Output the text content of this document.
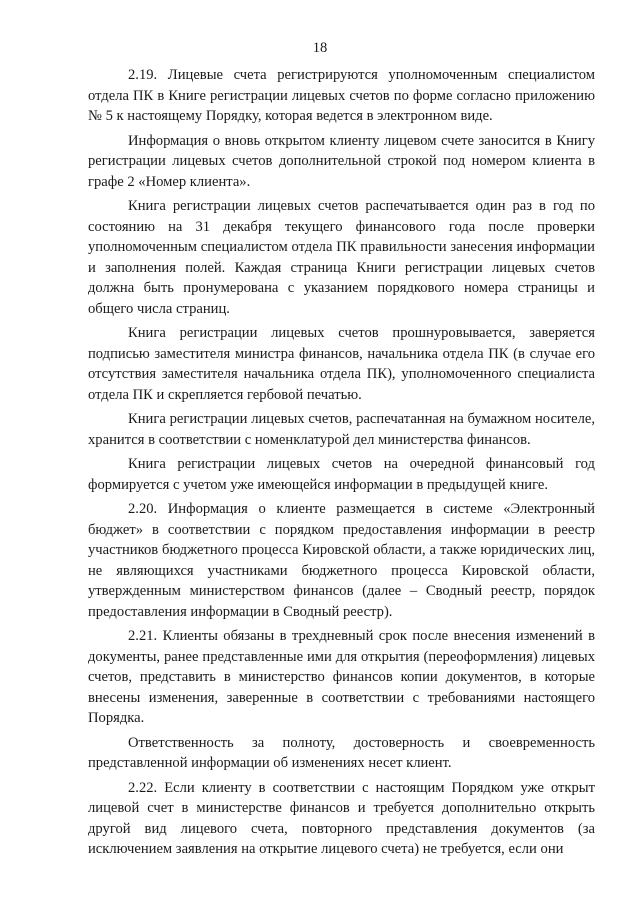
18

2.19. Лицевые счета регистрируются уполномоченным специалистом отдела ПК в Книге регистрации лицевых счетов по форме согласно приложению № 5 к настоящему Порядку, которая ведется в электронном виде.

Информация о вновь открытом клиенту лицевом счете заносится в Книгу регистрации лицевых счетов дополнительной строкой под номером клиента в графе 2 «Номер клиента».

Книга регистрации лицевых счетов распечатывается один раз в год по состоянию на 31 декабря текущего финансового года после проверки уполномоченным специалистом отдела ПК правильности занесения информации и заполнения полей. Каждая страница Книги регистрации лицевых счетов должна быть пронумерована с указанием порядкового номера страницы и общего числа страниц.

Книга регистрации лицевых счетов прошнуровывается, заверяется подписью заместителя министра финансов, начальника отдела ПК (в случае его отсутствия заместителя начальника отдела ПК), уполномоченного специалиста отдела ПК и скрепляется гербовой печатью.

Книга регистрации лицевых счетов, распечатанная на бумажном носителе, хранится в соответствии с номенклатурой дел министерства финансов.

Книга регистрации лицевых счетов на очередной финансовый год формируется с учетом уже имеющейся информации в предыдущей книге.

2.20. Информация о клиенте размещается в системе «Электронный бюджет» в соответствии с порядком предоставления информации в реестр участников бюджетного процесса Кировской области, а также юридических лиц, не являющихся участниками бюджетного процесса Кировской области, утвержденным министерством финансов (далее – Сводный реестр, порядок предоставления информации в Сводный реестр).

2.21. Клиенты обязаны в трехдневный срок после внесения изменений в документы, ранее представленные ими для открытия (переоформления) лицевых счетов, представить в министерство финансов копии документов, в которые внесены изменения, заверенные в соответствии с требованиями настоящего Порядка.

Ответственность за полноту, достоверность и своевременность представленной информации об изменениях несет клиент.

2.22. Если клиенту в соответствии с настоящим Порядком уже открыт лицевой счет в министерстве финансов и требуется дополнительно открыть другой вид лицевого счета, повторного представления документов (за исключением заявления на открытие лицевого счета) не требуется, если они
